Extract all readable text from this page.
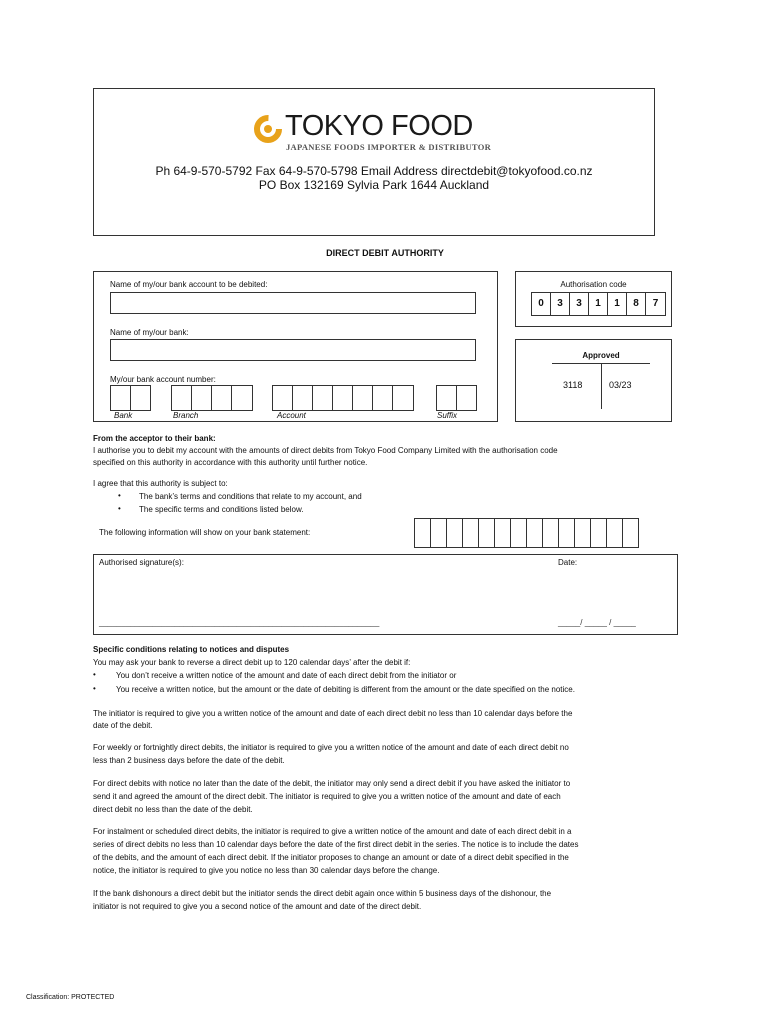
TOKYO FOOD
JAPANESE FOODS IMPORTER & DISTRIBUTOR
Ph 64-9-570-5792 Fax 64-9-570-5798 Email Address directdebit@tokyofood.co.nz
PO Box 132169 Sylvia Park 1644 Auckland
DIRECT DEBIT AUTHORITY
Name of my/our bank account to be debited:
Name of my/our bank:
My/our bank account number:
Bank	Branch	Account	Suffix
Authorisation code
0	3	3	1	1	8	7
Approved
3118	03/23
From the acceptor to their bank:
I authorise you to debit my account with the amounts of direct debits from Tokyo Food Company Limited with the authorisation code
specified on this authority in accordance with this authority until further notice.
I agree that this authority is subject to:
• The bank’s terms and conditions that relate to my account, and
• The specific terms and conditions listed below.
The following information will show on your bank statement:
Authorised signature(s):	Date:
_______________________________________________________________	_____/ _____ / _____
Specific conditions relating to notices and disputes
You may ask your bank to reverse a direct debit up to 120 calendar days’ after the debit if:
•	You don’t receive a written notice of the amount and date of each direct debit from the initiator or
•	You receive a written notice, but the amount or the date of debiting is different from the amount or the date specified on the notice.
The initiator is required to give you a written notice of the amount and date of each direct debit no less than 10 calendar days before the
date of the debit.
For weekly or fortnightly direct debits, the initiator is required to give you a written notice of the amount and date of each direct debit no
less than 2 business days before the date of the debit.
For direct debits with notice no later than the date of the debit, the initiator may only send a direct debit if you have asked the initiator to
send it and agreed the amount of the direct debit. The initiator is required to give you a written notice of the amount and date of each
direct debit no less than the date of the debit.
For instalment or scheduled direct debits, the initiator is required to give a written notice of the amount and date of each direct debit in a
series of direct debits no less than 10 calendar days before the date of the first direct debit in the series. The notice is to include the dates
of the debits, and the amount of each direct debit. If the initiator proposes to change an amount or date of a direct debit specified in the
notice, the initiator is required to give you notice no less than 30 calendar days before the change.
If the bank dishonours a direct debit but the initiator sends the direct debit again once within 5 business days of the dishonour, the
initiator is not required to give you a second notice of the amount and date of the direct debit.
Classification: PROTECTED
